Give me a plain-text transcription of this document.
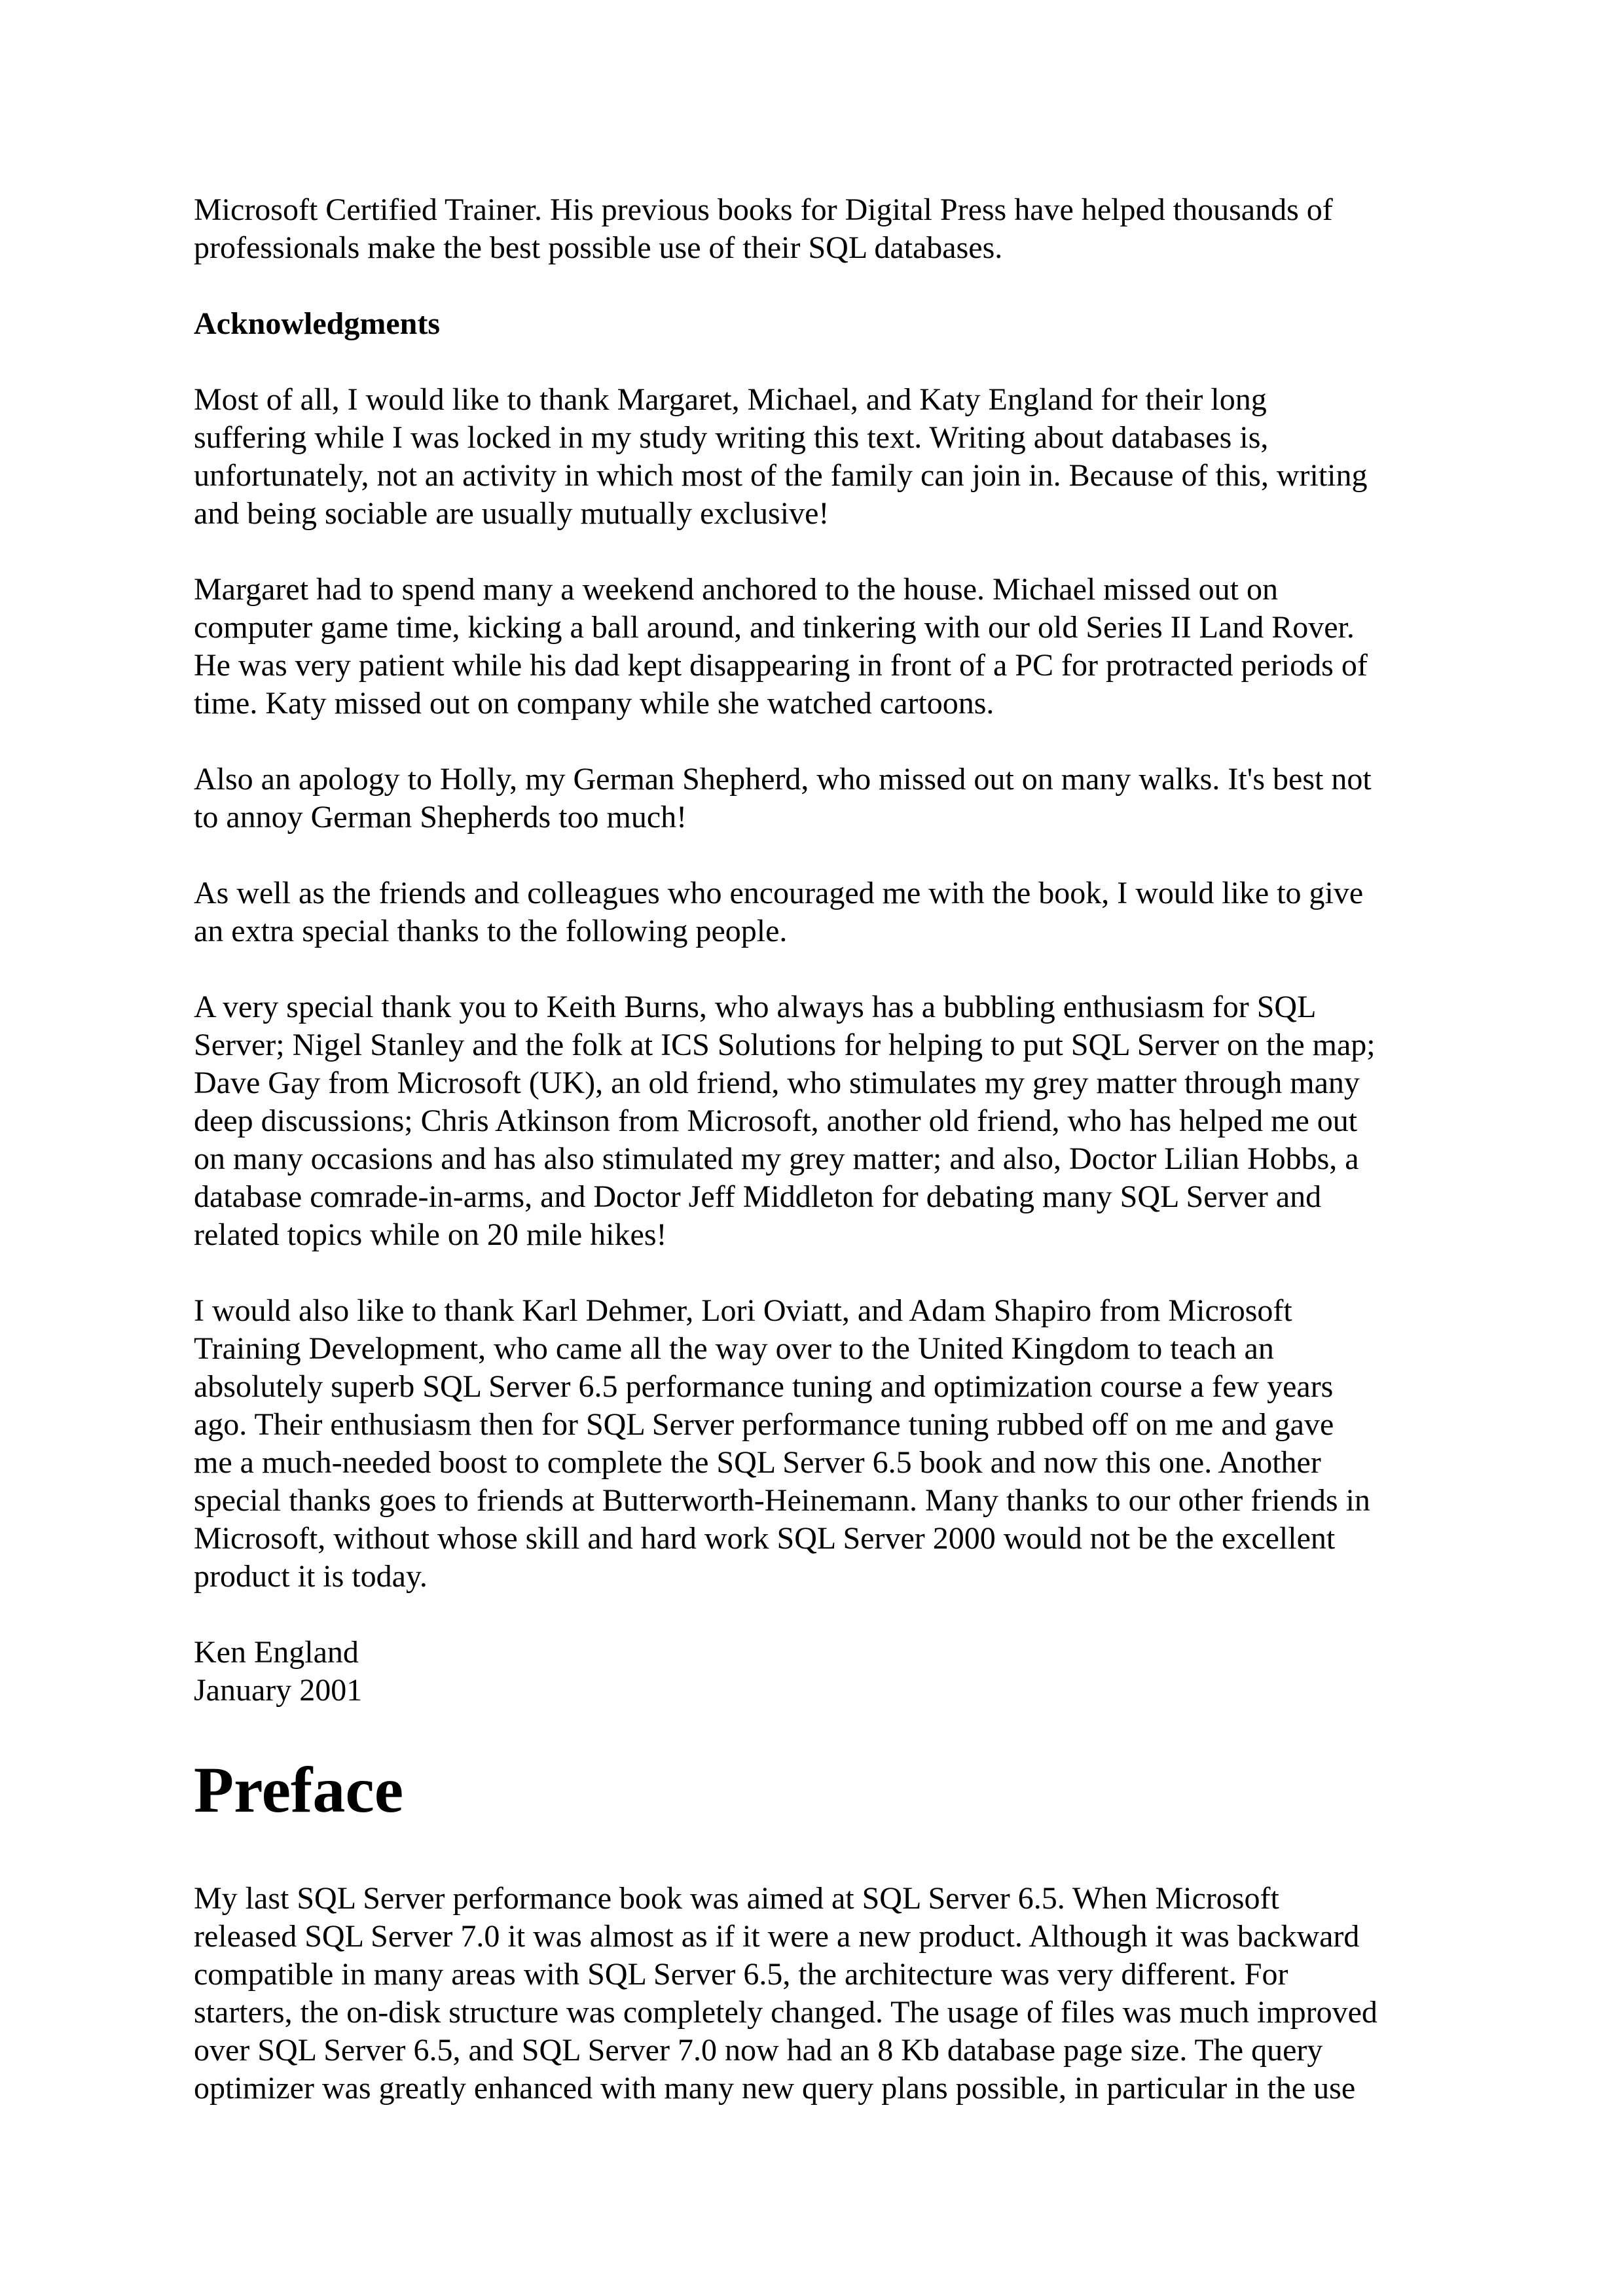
Microsoft Certified Trainer. His previous books for Digital Press have helped thousands of
professionals make the best possible use of their SQL databases.

Acknowledgments

Most of all, I would like to thank Margaret, Michael, and Katy England for their long
suffering while I was locked in my study writing this text. Writing about databases is,
unfortunately, not an activity in which most of the family can join in. Because of this, writing
and being sociable are usually mutually exclusive!

Margaret had to spend many a weekend anchored to the house. Michael missed out on
computer game time, kicking a ball around, and tinkering with our old Series II Land Rover.
He was very patient while his dad kept disappearing in front of a PC for protracted periods of
time. Katy missed out on company while she watched cartoons.

Also an apology to Holly, my German Shepherd, who missed out on many walks. It's best not
to annoy German Shepherds too much!

As well as the friends and colleagues who encouraged me with the book, I would like to give
an extra special thanks to the following people.

A very special thank you to Keith Burns, who always has a bubbling enthusiasm for SQL
Server; Nigel Stanley and the folk at ICS Solutions for helping to put SQL Server on the map;
Dave Gay from Microsoft (UK), an old friend, who stimulates my grey matter through many
deep discussions; Chris Atkinson from Microsoft, another old friend, who has helped me out
on many occasions and has also stimulated my grey matter; and also, Doctor Lilian Hobbs, a
database comrade-in-arms, and Doctor Jeff Middleton for debating many SQL Server and
related topics while on 20 mile hikes!

I would also like to thank Karl Dehmer, Lori Oviatt, and Adam Shapiro from Microsoft
Training Development, who came all the way over to the United Kingdom to teach an
absolutely superb SQL Server 6.5 performance tuning and optimization course a few years
ago. Their enthusiasm then for SQL Server performance tuning rubbed off on me and gave
me a much-needed boost to complete the SQL Server 6.5 book and now this one. Another
special thanks goes to friends at Butterworth-Heinemann. Many thanks to our other friends in
Microsoft, without whose skill and hard work SQL Server 2000 would not be the excellent
product it is today.

Ken England
January 2001

Preface

My last SQL Server performance book was aimed at SQL Server 6.5. When Microsoft
released SQL Server 7.0 it was almost as if it were a new product. Although it was backward
compatible in many areas with SQL Server 6.5, the architecture was very different. For
starters, the on-disk structure was completely changed. The usage of files was much improved
over SQL Server 6.5, and SQL Server 7.0 now had an 8 Kb database page size. The query
optimizer was greatly enhanced with many new query plans possible, in particular in the use
